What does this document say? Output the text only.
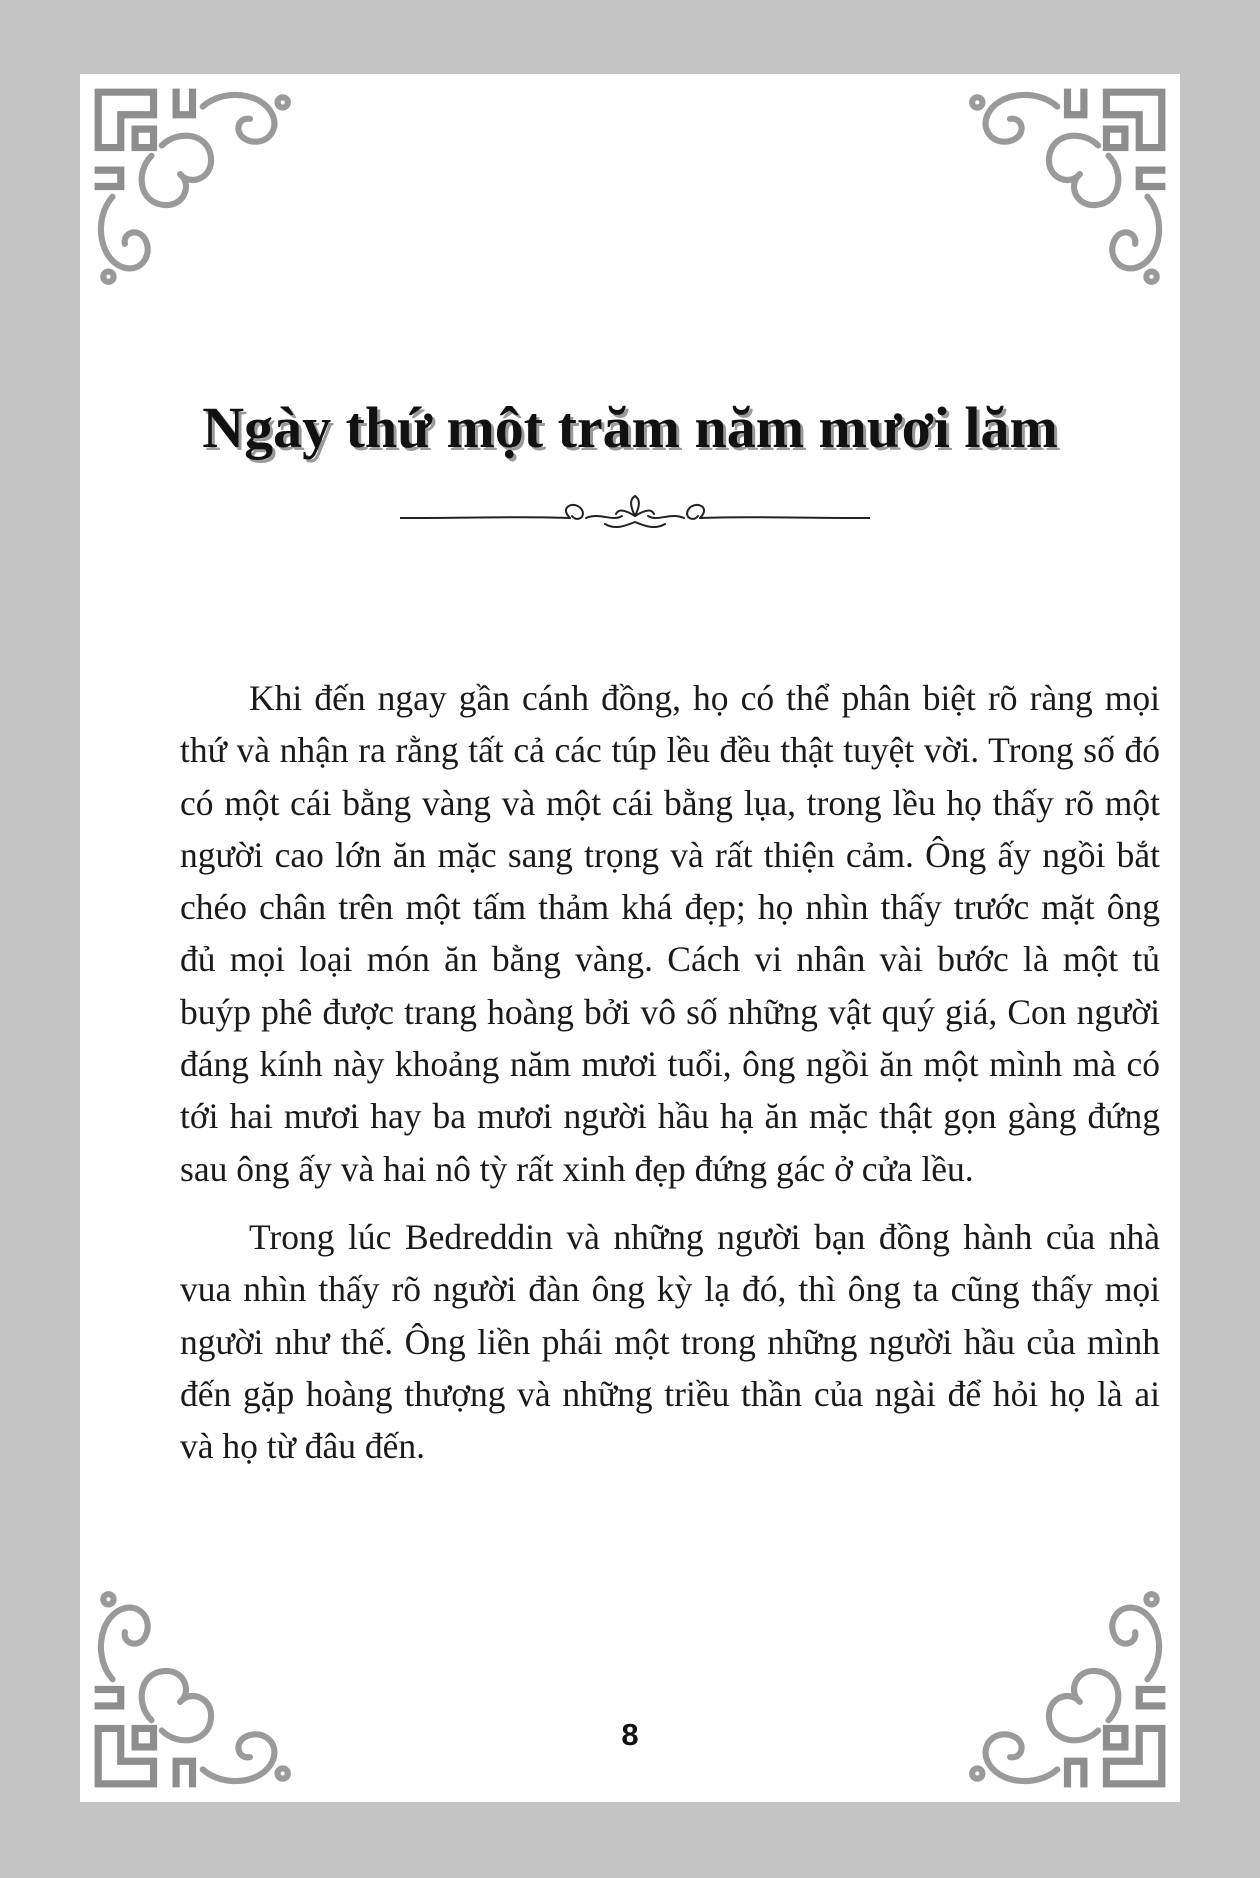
Ngày thứ một trăm năm mươi lăm

Khi đến ngay gần cánh đồng, họ có thể phân biệt rõ ràng mọi thứ và nhận ra rằng tất cả các túp lều đều thật tuyệt vời. Trong số đó có một cái bằng vàng và một cái bằng lụa, trong lều họ thấy rõ một người cao lớn ăn mặc sang trọng và rất thiện cảm. Ông ấy ngồi bắt chéo chân trên một tấm thảm khá đẹp; họ nhìn thấy trước mặt ông đủ mọi loại món ăn bằng vàng. Cách vi nhân vài bước là một tủ buýp phê được trang hoàng bởi vô số những vật quý giá, Con người đáng kính này khoảng năm mươi tuổi, ông ngồi ăn một mình mà có tới hai mươi hay ba mươi người hầu hạ ăn mặc thật gọn gàng đứng sau ông ấy và hai nô tỳ rất xinh đẹp đứng gác ở cửa lều.

Trong lúc Bedreddin và những người bạn đồng hành của nhà vua nhìn thấy rõ người đàn ông kỳ lạ đó, thì ông ta cũng thấy mọi người như thế. Ông liền phái một trong những người hầu của mình đến gặp hoàng thượng và những triều thần của ngài để hỏi họ là ai và họ từ đâu đến.

8
